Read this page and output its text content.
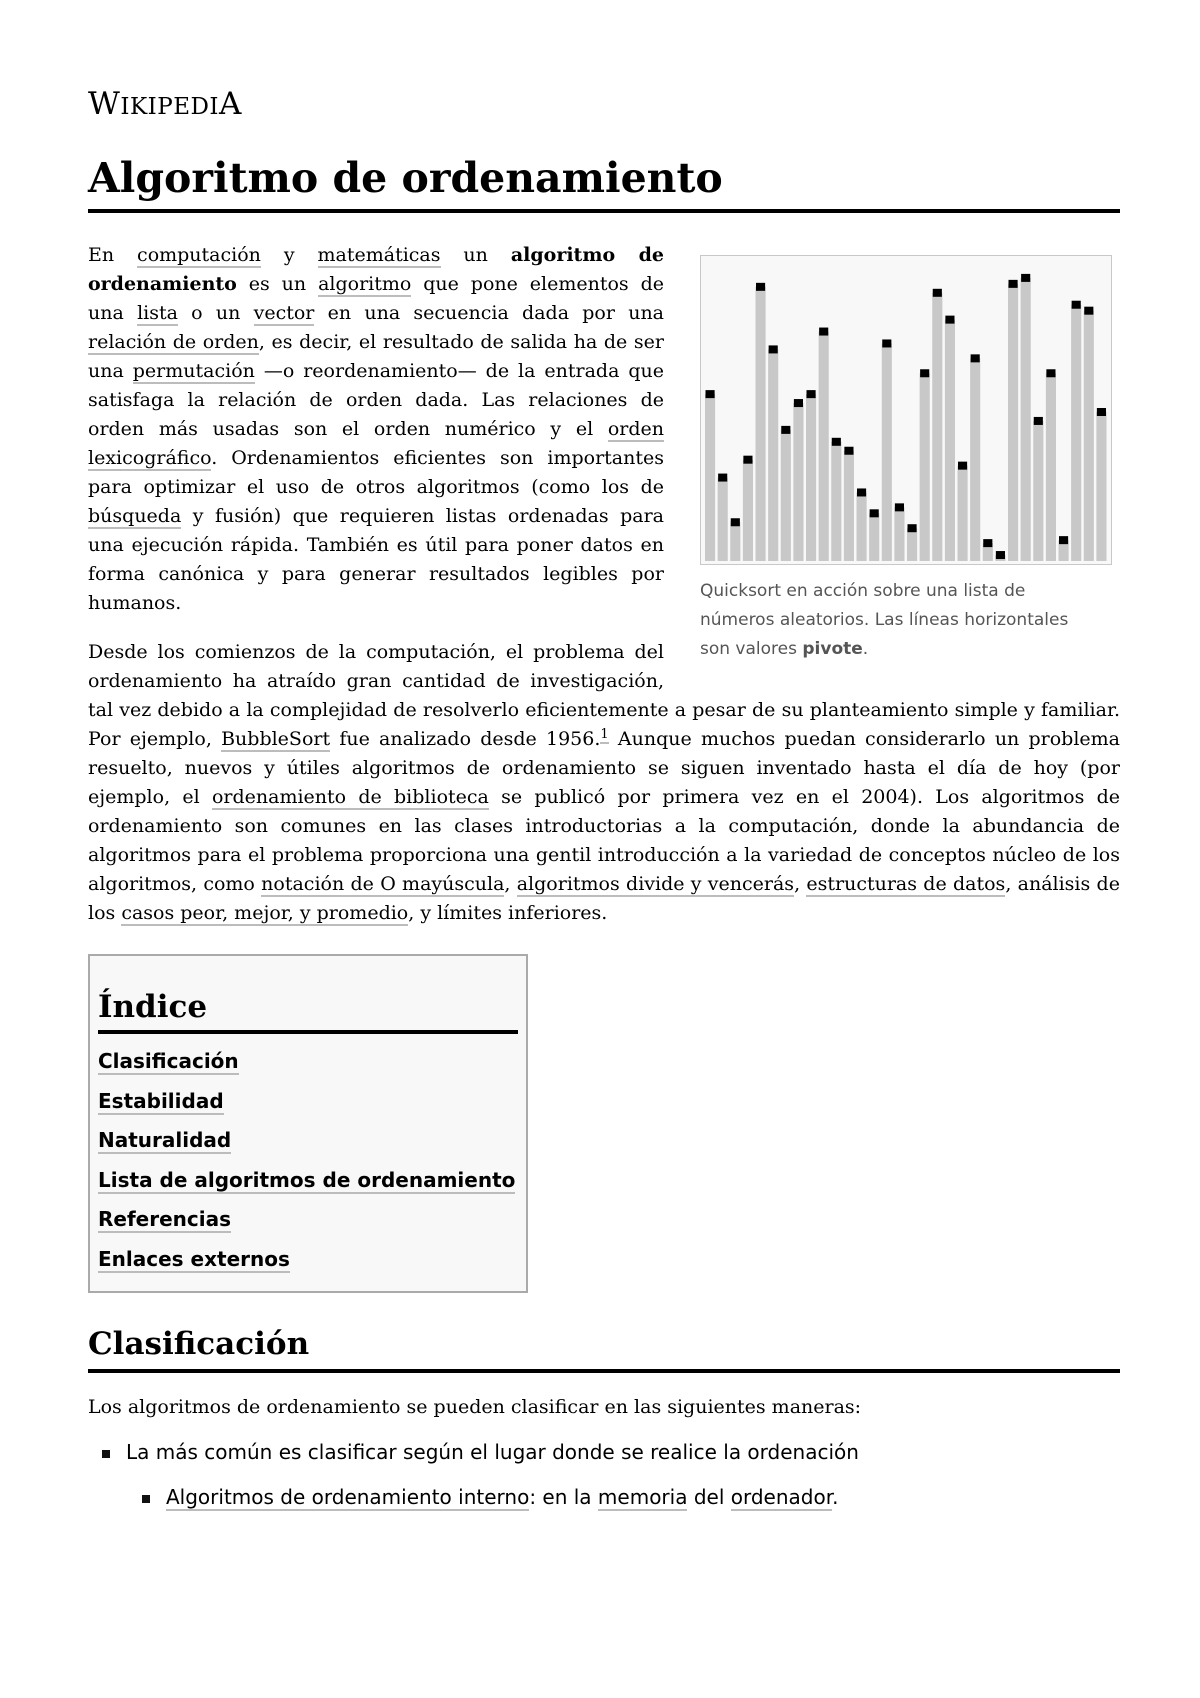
WIKIPEDIA
Algoritmo de ordenamiento
Quicksort en acción sobre una lista de números aleatorios. Las líneas horizontales son valores pivote.

En computación y matemáticas un algoritmo de ordenamiento es un algoritmo que pone elementos de una lista o un vector en una secuencia dada por una relación de orden, es decir, el resultado de salida ha de ser una permutación —o reordenamiento— de la entrada que satisfaga la relación de orden dada. Las relaciones de orden más usadas son el orden numérico y el orden lexicográfico. Ordenamientos eficientes son importantes para optimizar el uso de otros algoritmos (como los de búsqueda y fusión) que requieren listas ordenadas para una ejecución rápida. También es útil para poner datos en forma canónica y para generar resultados legibles por humanos.

Desde los comienzos de la computación, el problema del ordenamiento ha atraído gran cantidad de investigación, tal vez debido a la complejidad de resolverlo eficientemente a pesar de su planteamiento simple y familiar. Por ejemplo, BubbleSort fue analizado desde 1956.$^1$ Aunque muchos puedan considerarlo un problema resuelto, nuevos y útiles algoritmos de ordenamiento se siguen inventado hasta el día de hoy (por ejemplo, el ordenamiento de biblioteca se publicó por primera vez en el 2004). Los algoritmos de ordenamiento son comunes en las clases introductorias a la computación, donde la abundancia de algoritmos para el problema proporciona una gentil introducción a la variedad de conceptos núcleo de los algoritmos, como notación de O mayúscula, algoritmos divide y vencerás, estructuras de datos, análisis de los casos peor, mejor, y promedio, y límites inferiores.

Índice
Clasificación
Estabilidad
Naturalidad
Lista de algoritmos de ordenamiento
Referencias
Enlaces externos
Clasificación
Los algoritmos de ordenamiento se pueden clasificar en las siguientes maneras:
La más común es clasificar según el lugar donde se realice la ordenación
Algoritmos de ordenamiento interno: en la memoria del ordenador.
